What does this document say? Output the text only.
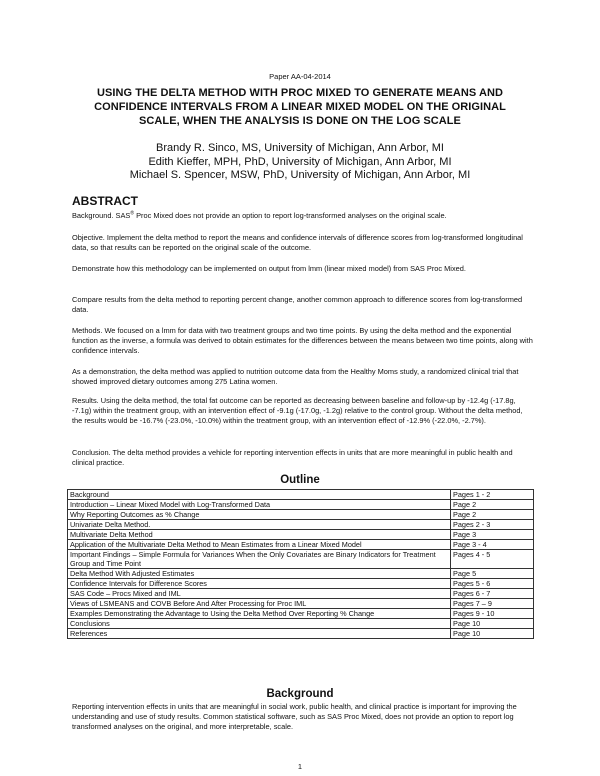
Paper AA-04-2014
USING THE DELTA METHOD WITH PROC MIXED TO GENERATE MEANS AND
CONFIDENCE INTERVALS FROM A LINEAR MIXED MODEL ON THE ORIGINAL
SCALE, WHEN THE ANALYSIS IS DONE ON THE LOG SCALE
Brandy R. Sinco, MS, University of Michigan, Ann Arbor, MI
Edith Kieffer, MPH, PhD, University of Michigan, Ann Arbor, MI
Michael S. Spencer, MSW, PhD, University of Michigan, Ann Arbor, MI
ABSTRACT

Background. SAS® Proc Mixed does not provide an option to report log-transformed analyses on the original scale.

Objective. Implement the delta method to report the means and confidence intervals of difference scores from log-transformed longitudinal data, so that results can be reported on the original scale of the outcome.

Demonstrate how this methodology can be implemented on output from lmm (linear mixed model) from SAS Proc Mixed.

Compare results from the delta method to reporting percent change, another common approach to difference scores from log-transformed data.

Methods. We focused on a lmm for data with two treatment groups and two time points. By using the delta method and the exponential function as the inverse, a formula was derived to obtain estimates for the differences between the means between two time points, along with confidence intervals.

As a demonstration, the delta method was applied to nutrition outcome data from the Healthy Moms study, a randomized clinical trial that showed improved dietary outcomes among 275 Latina women.

Results. Using the delta method, the total fat outcome can be reported as decreasing between baseline and follow-up by -12.4g (-17.8g, -7.1g) within the treatment group, with an intervention effect of -9.1g (-17.0g, -1.2g) relative to the control group. Without the delta method, the results would be -16.7% (-23.0%, -10.0%) within the treatment group, with an intervention effect of -12.9% (-22.0%, -2.7%).

Conclusion. The delta method provides a vehicle for reporting intervention effects in units that are more meaningful in public health and clinical practice.

Outline
Background	Pages 1 - 2
Introduction – Linear Mixed Model with Log-Transformed Data	Page 2
Why Reporting Outcomes as % Change	Page 2
Univariate Delta Method.	Pages 2 - 3
Multivariate Delta Method	Page 3
Application of the Multivariate Delta Method to Mean Estimates from a Linear Mixed Model	Page 3 - 4
Important Findings – Simple Formula for Variances When the Only Covariates are Binary Indicators for Treatment Group and Time Point	Pages 4 - 5
Delta Method With Adjusted Estimates	Page 5
Confidence Intervals for Difference Scores	Pages 5 - 6
SAS Code – Procs Mixed and IML	Pages 6 - 7
Views of LSMEANS and COVB Before And After Processing for Proc IML	Pages 7 – 9
Examples Demonstrating the Advantage to Using the Delta Method Over Reporting % Change	Pages 9 - 10
Conclusions	Page 10
References	Page 10
Background

Reporting intervention effects in units that are meaningful in social work, public health, and clinical practice is important for improving the understanding and use of study results. Common statistical software, such as SAS Proc Mixed, does not provide an option to report log transformed analyses on the original, and more interpretable, scale.

1
